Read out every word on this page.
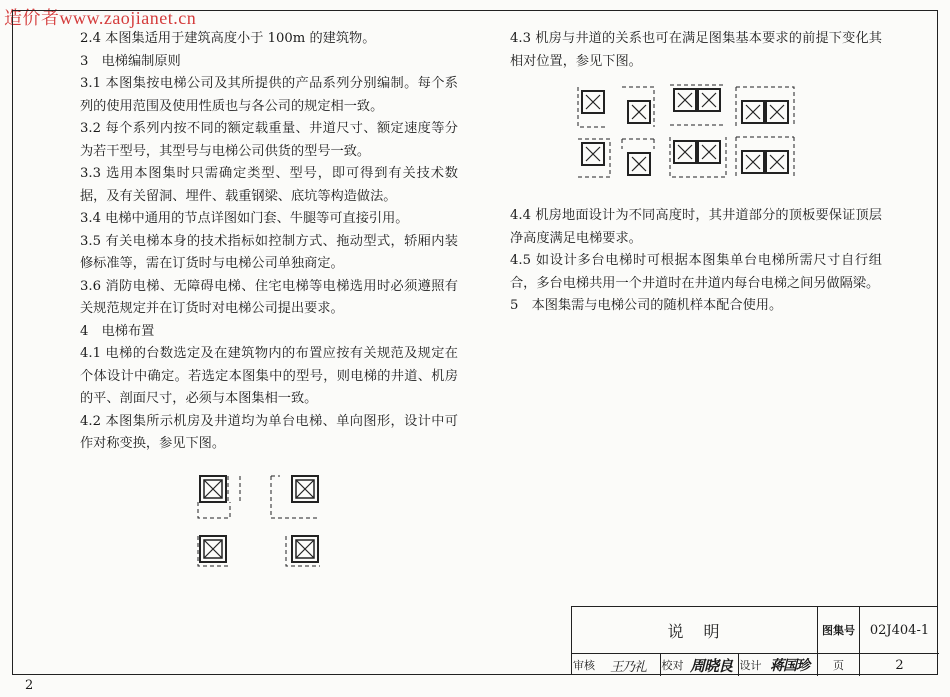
造价者www.zaojianet.cn

2.4 本图集适用于建筑高度小于 100m 的建筑物。

3　电梯编制原则

3.1 本图集按电梯公司及其所提供的产品系列分别编制。每个系列的使用范围及使用性质也与各公司的规定相一致。

3.2 每个系列内按不同的额定载重量、井道尺寸、额定速度等分为若干型号，其型号与电梯公司供货的型号一致。

3.3 选用本图集时只需确定类型、型号，即可得到有关技术数据，及有关留洞、埋件、载重钢梁、底坑等构造做法。

3.4 电梯中通用的节点详图如门套、牛腿等可直接引用。

3.5 有关电梯本身的技术指标如控制方式、拖动型式，轿厢内装修标准等，需在订货时与电梯公司单独商定。

3.6 消防电梯、无障碍电梯、住宅电梯等电梯选用时必须遵照有关规范规定并在订货时对电梯公司提出要求。

4　电梯布置

4.1 电梯的台数选定及在建筑物内的布置应按有关规范及规定在个体设计中确定。若选定本图集中的型号，则电梯的井道、机房的平、剖面尺寸，必须与本图集相一致。

4.2 本图集所示机房及井道均为单台电梯、单向图形，设计中可作对称变换，参见下图。

4.3 机房与井道的关系也可在满足图集基本要求的前提下变化其相对位置，参见下图。

4.4 机房地面设计为不同高度时，其井道部分的顶板要保证顶层净高度满足电梯要求。

4.5 如设计多台电梯时可根据本图集单台电梯所需尺寸自行组合，多台电梯共用一个井道时在井道内每台电梯之间另做隔梁。

5　本图集需与电梯公司的随机样本配合使用。

说　明	图集号 02J404-1
审核 王乃礼 校对 周晓良 设计 蒋国珍 页	2
2
